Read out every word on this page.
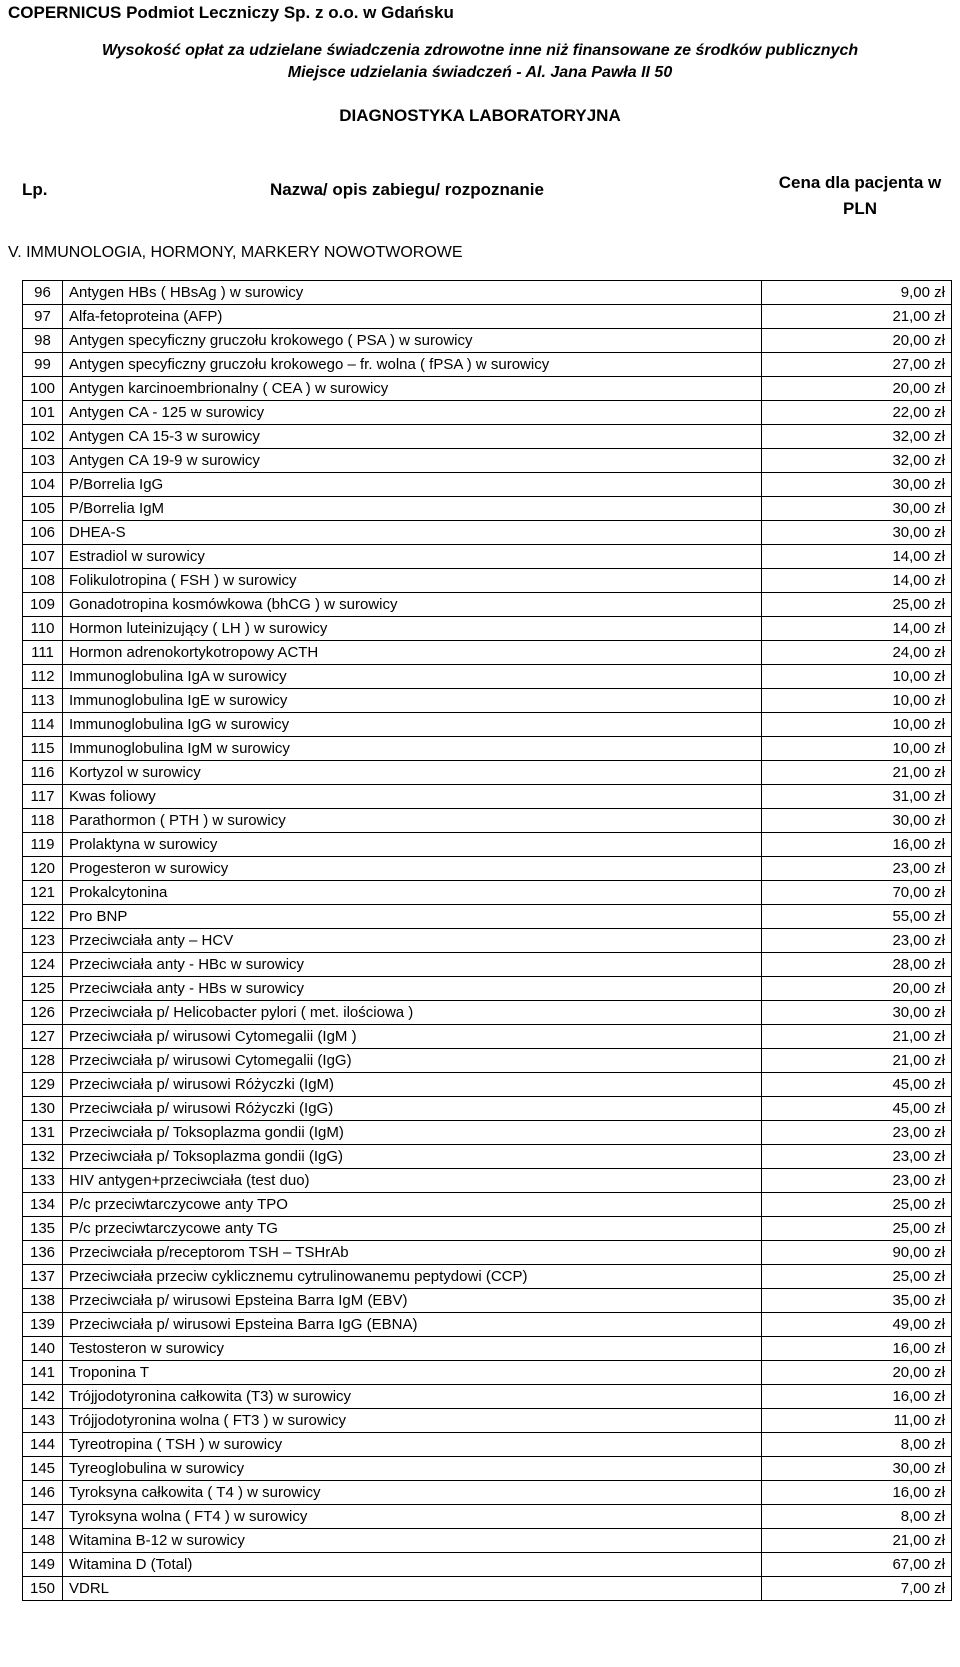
COPERNICUS Podmiot Leczniczy Sp. z o.o. w Gdańsku
Wysokość opłat za udzielane świadczenia zdrowotne inne niż finansowane ze środków publicznych
Miejsce udzielania świadczeń - Al. Jana Pawła II 50
DIAGNOSTYKA LABORATORYJNA
Lp.	Nazwa/ opis zabiegu/ rozpoznanie	Cena dla pacjenta w
PLN
V. IMMUNOLOGIA, HORMONY, MARKERY NOWOTWOROWE
96	Antygen HBs ( HBsAg ) w surowicy	9,00 zł
97	Alfa-fetoproteina (AFP)	21,00 zł
98	Antygen specyficzny gruczołu krokowego ( PSA ) w surowicy	20,00 zł
99	Antygen specyficzny gruczołu krokowego – fr. wolna ( fPSA ) w surowicy	27,00 zł
100	Antygen karcinoembrionalny ( CEA ) w surowicy	20,00 zł
101	Antygen CA - 125 w surowicy	22,00 zł
102	Antygen CA 15-3 w surowicy	32,00 zł
103	Antygen CA 19-9 w surowicy	32,00 zł
104	P/Borrelia IgG	30,00 zł
105	P/Borrelia IgM	30,00 zł
106	DHEA-S	30,00 zł
107	Estradiol w surowicy	14,00 zł
108	Folikulotropina ( FSH ) w surowicy	14,00 zł
109	Gonadotropina kosmówkowa (bhCG ) w surowicy	25,00 zł
110	Hormon luteinizujący ( LH ) w surowicy	14,00 zł
111	Hormon adrenokortykotropowy ACTH	24,00 zł
112	Immunoglobulina IgA w surowicy	10,00 zł
113	Immunoglobulina IgE w surowicy	10,00 zł
114	Immunoglobulina IgG w surowicy	10,00 zł
115	Immunoglobulina IgM w surowicy	10,00 zł
116	Kortyzol w surowicy	21,00 zł
117	Kwas foliowy	31,00 zł
118	Parathormon ( PTH ) w surowicy	30,00 zł
119	Prolaktyna w surowicy	16,00 zł
120	Progesteron w surowicy	23,00 zł
121	Prokalcytonina	70,00 zł
122	Pro BNP	55,00 zł
123	Przeciwciała anty – HCV	23,00 zł
124	Przeciwciała anty - HBc w surowicy	28,00 zł
125	Przeciwciała anty - HBs w surowicy	20,00 zł
126	Przeciwciała p/ Helicobacter pylori ( met. ilościowa )	30,00 zł
127	Przeciwciała p/ wirusowi Cytomegalii (IgM )	21,00 zł
128	Przeciwciała p/ wirusowi Cytomegalii (IgG)	21,00 zł
129	Przeciwciała p/ wirusowi Różyczki (IgM)	45,00 zł
130	Przeciwciała p/ wirusowi Różyczki (IgG)	45,00 zł
131	Przeciwciała p/ Toksoplazma gondii (IgM)	23,00 zł
132	Przeciwciała p/ Toksoplazma gondii (IgG)	23,00 zł
133	HIV antygen+przeciwciała (test duo)	23,00 zł
134	P/c przeciwtarczycowe anty TPO	25,00 zł
135	P/c przeciwtarczycowe anty TG	25,00 zł
136	Przeciwciała p/receptorom TSH – TSHrAb	90,00 zł
137	Przeciwciała przeciw cyklicznemu cytrulinowanemu peptydowi (CCP)	25,00 zł
138	Przeciwciała p/ wirusowi Epsteina Barra IgM (EBV)	35,00 zł
139	Przeciwciała p/ wirusowi Epsteina Barra IgG (EBNA)	49,00 zł
140	Testosteron w surowicy	16,00 zł
141	Troponina T	20,00 zł
142	Trójjodotyronina całkowita (T3) w surowicy	16,00 zł
143	Trójjodotyronina wolna ( FT3 ) w surowicy	11,00 zł
144	Tyreotropina ( TSH ) w surowicy	8,00 zł
145	Tyreoglobulina w surowicy	30,00 zł
146	Tyroksyna całkowita ( T4 ) w surowicy	16,00 zł
147	Tyroksyna wolna ( FT4 ) w surowicy	8,00 zł
148	Witamina B-12 w surowicy	21,00 zł
149	Witamina D (Total)	67,00 zł
150	VDRL	7,00 zł
